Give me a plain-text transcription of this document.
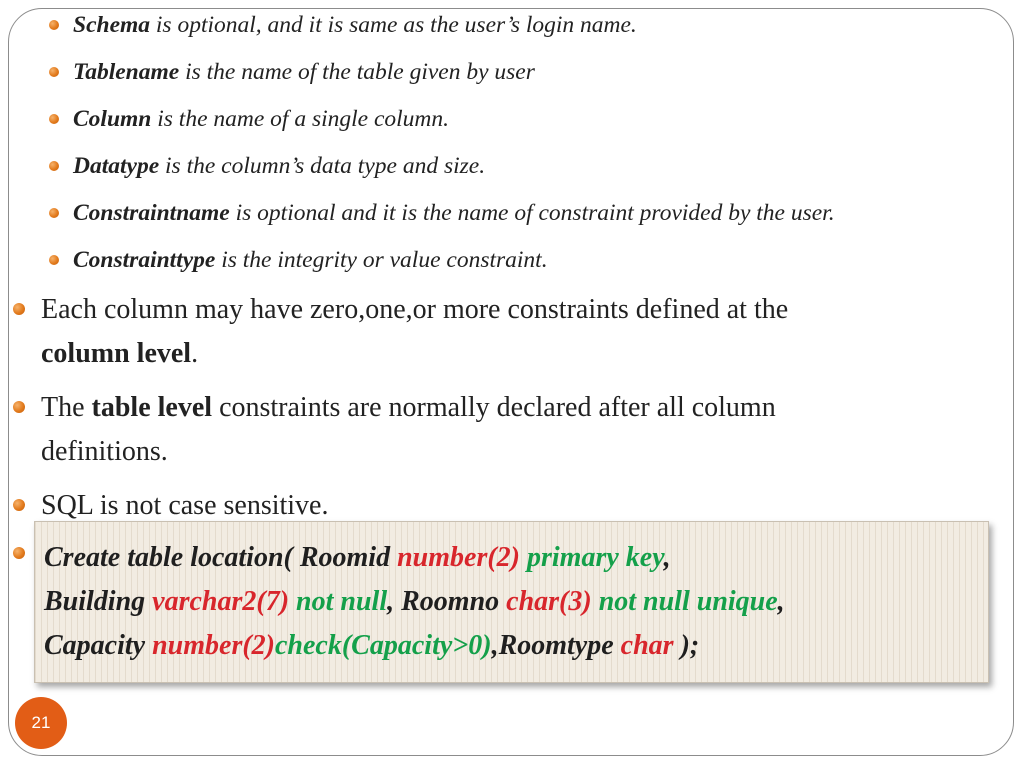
Schema is optional, and it is same as the user’s login name.
Tablename is the name of the table given by user
Column is the name of a single column.
Datatype is the column’s data type and size.
Constraintname is optional and it is the name of constraint provided by the user.
Constrainttype is the integrity or value constraint.
Each column may have zero,one,or more constraints defined at the
column level.
The table level constraints are normally declared after all column
definitions.
SQL is not case sensitive.
Create table location( Roomid number(2) primary key,
Building varchar2(7) not null, Roomno char(3) not null unique,
Capacity number(2)check(Capacity>0),Roomtype char );
21
